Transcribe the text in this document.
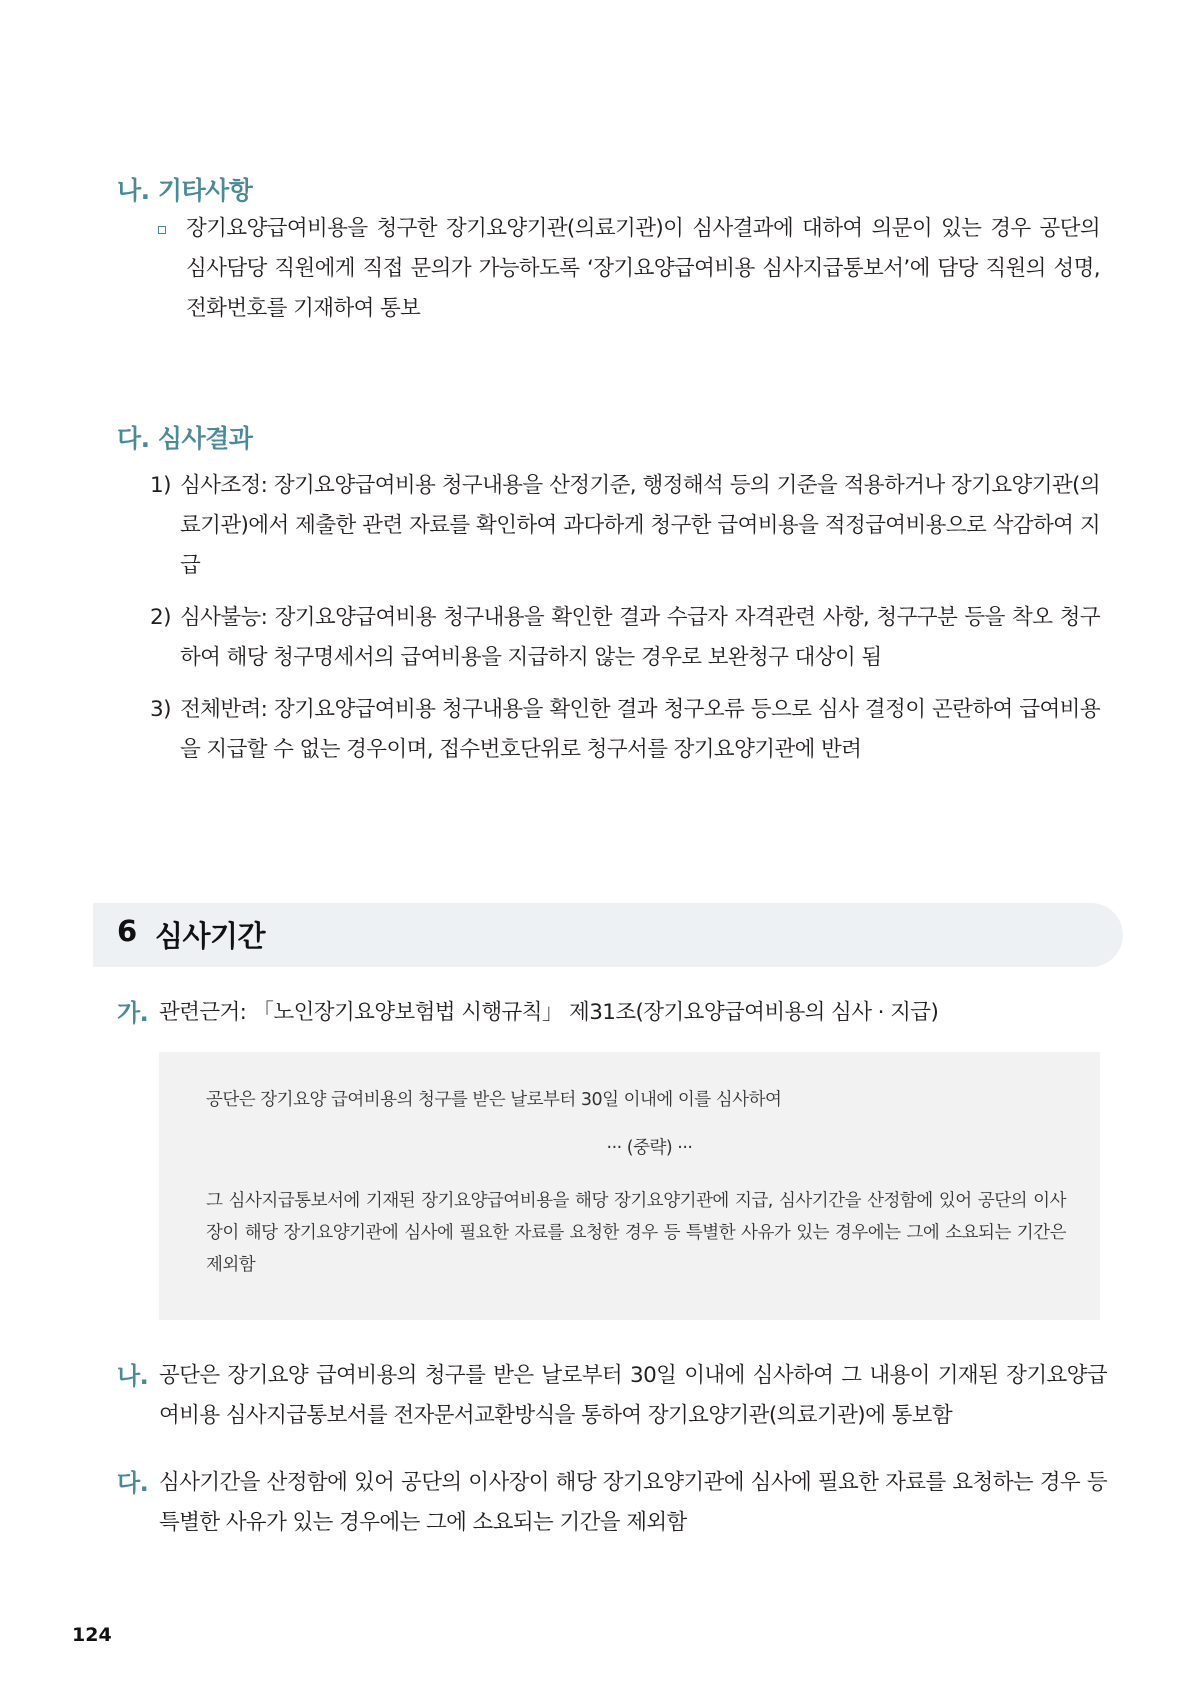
나. 기타사항
장기요양급여비용을 청구한 장기요양기관(의료기관)이 심사결과에 대하여 의문이 있는 경우 공단의 심사담당 직원에게 직접 문의가 가능하도록 ‘장기요양급여비용 심사지급통보서’에 담당 직원의 성명, 전화번호를 기재하여 통보
다. 심사결과
1) 심사조정: 장기요양급여비용 청구내용을 산정기준, 행정해석 등의 기준을 적용하거나 장기요양기관(의료기관)에서 제출한 관련 자료를 확인하여 과다하게 청구한 급여비용을 적정급여비용으로 삭감하여 지급
2) 심사불능: 장기요양급여비용 청구내용을 확인한 결과 수급자 자격관련 사항, 청구구분 등을 착오 청구하여 해당 청구명세서의 급여비용을 지급하지 않는 경우로 보완청구 대상이 됨
3) 전체반려: 장기요양급여비용 청구내용을 확인한 결과 청구오류 등으로 심사 결정이 곤란하여 급여비용을 지급할 수 없는 경우이며, 접수번호단위로 청구서를 장기요양기관에 반려
6 심사기간
가. 관련근거: 「노인장기요양보험법 시행규칙」 제31조(장기요양급여비용의 심사 · 지급)
공단은 장기요양 급여비용의 청구를 받은 날로부터 30일 이내에 이를 심사하여
··· (중략) ···
그 심사지급통보서에 기재된 장기요양급여비용을 해당 장기요양기관에 지급, 심사기간을 산정함에 있어 공단의 이사장이 해당 장기요양기관에 심사에 필요한 자료를 요청한 경우 등 특별한 사유가 있는 경우에는 그에 소요되는 기간은 제외함
나. 공단은 장기요양 급여비용의 청구를 받은 날로부터 30일 이내에 심사하여 그 내용이 기재된 장기요양급여비용 심사지급통보서를 전자문서교환방식을 통하여 장기요양기관(의료기관)에 통보함
다. 심사기간을 산정함에 있어 공단의 이사장이 해당 장기요양기관에 심사에 필요한 자료를 요청하는 경우 등 특별한 사유가 있는 경우에는 그에 소요되는 기간을 제외함
124
